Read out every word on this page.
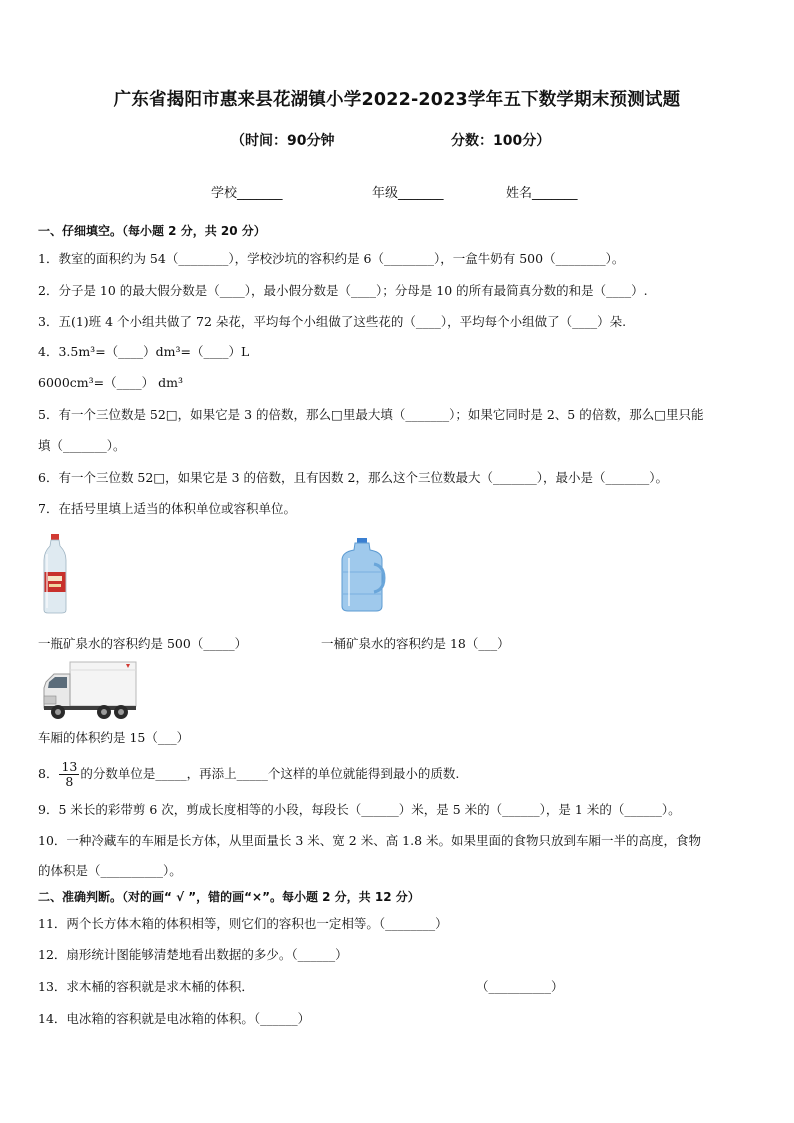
广东省揭阳市惠来县花湖镇小学2022-2023学年五下数学期末预测试题
（时间：90分钟	分数：100分）
学校_______	年级_______	姓名_______
一、仔细填空。（每小题 2 分，共 20 分）
1．教室的面积约为 54（________），学校沙坑的容积约是 6（________），一盒牛奶有 500（________）。
2．分子是 10 的最大假分数是（____），最小假分数是（____）；分母是 10 的所有最简真分数的和是（____）.
3．五(1)班 4 个小组共做了 72 朵花，平均每个小组做了这些花的（____），平均每个小组做了（____）朵.
4．3.5m³=（____）dm³=（____）L
6000cm³=（____） dm³
5．有一个三位数是 52□，如果它是 3 的倍数，那么□里最大填（_______）；如果它同时是 2、5 的倍数，那么□里只能
填（_______）。
6．有一个三位数 52□，如果它是 3 的倍数，且有因数 2，那么这个三位数最大（_______），最小是（_______）。
7．在括号里填上适当的体积单位或容积单位。
一瓶矿泉水的容积约是 500（_____）	一桶矿泉水的容积约是 18（___）
车厢的体积约是 15（___）
8． $\frac{13}{8}$ 的分数单位是_____，再添上_____个这样的单位就能得到最小的质数.
9．5 米长的彩带剪 6 次，剪成长度相等的小段，每段长（______）米，是 5 米的（______），是 1 米的（______）。
10．一种冷藏车的车厢是长方体，从里面量长 3 米、宽 2 米、高 1.8 米。如果里面的食物只放到车厢一半的高度，食物
的体积是（__________）。
二、准确判断。（对的画“ √ ”，错的画“×”。每小题 2 分，共 12 分）
11．两个长方体木箱的体积相等，则它们的容积也一定相等。（________）
12．扇形统计图能够清楚地看出数据的多少。（______）
13．求木桶的容积就是求木桶的体积．	（__________）
14．电冰箱的容积就是电冰箱的体积。（______）
